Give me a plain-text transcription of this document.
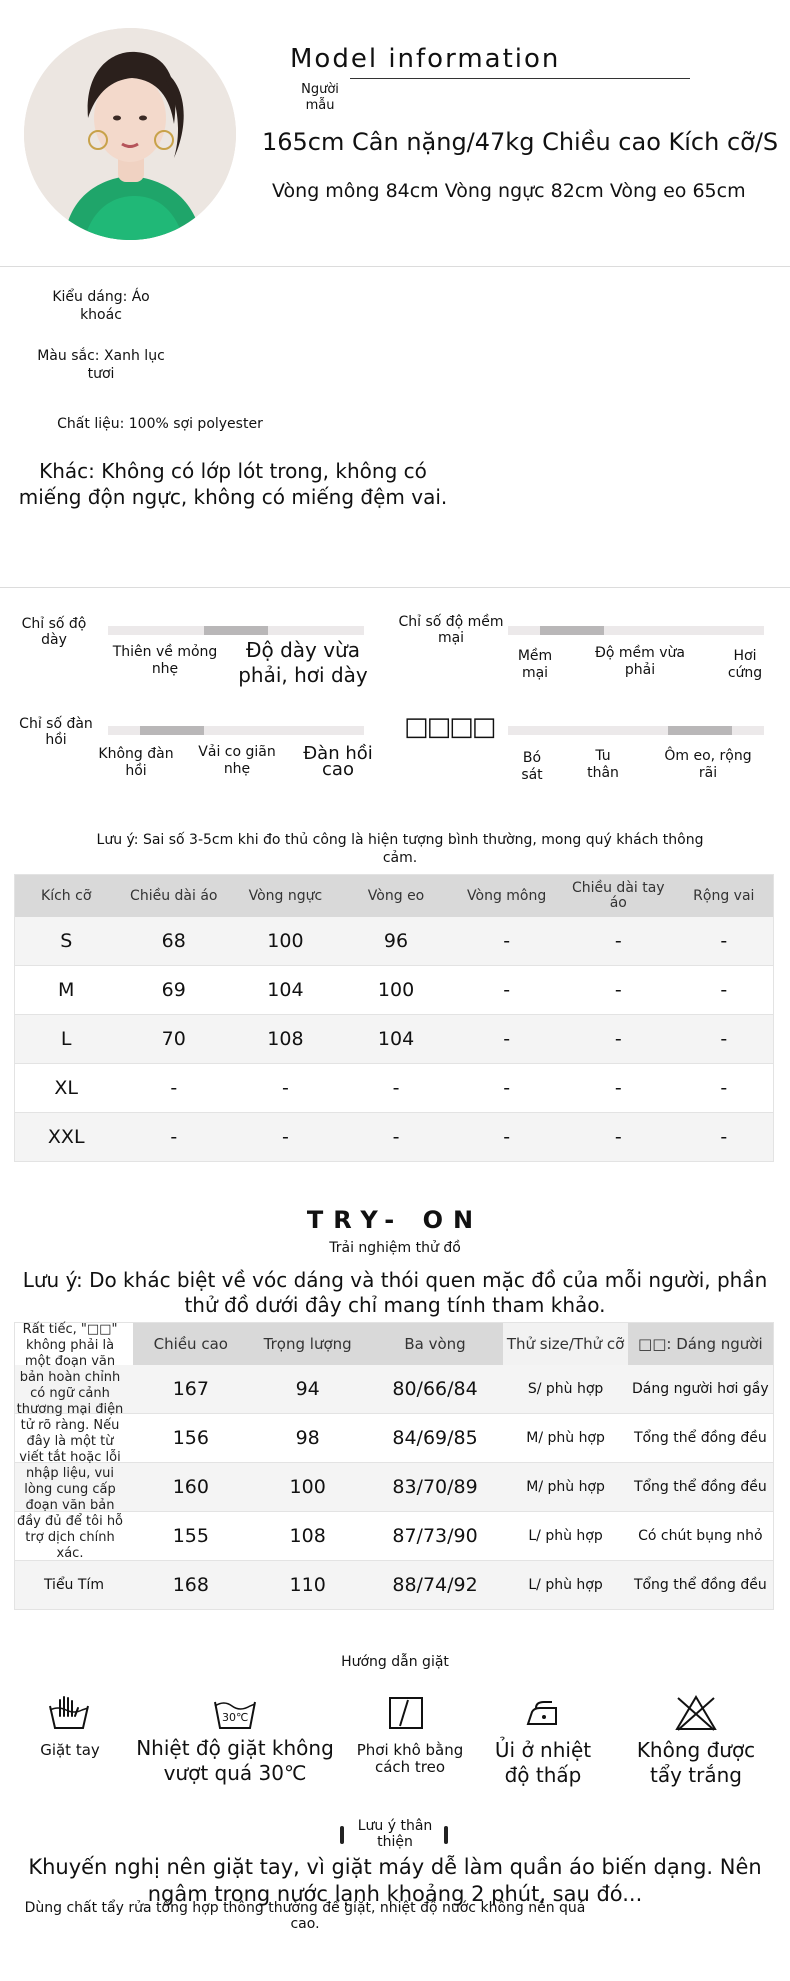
Model information
Người mẫu
165cm Cân nặng/47kg Chiều cao Kích cỡ/S
Vòng mông 84cm Vòng ngực 82cm Vòng eo 65cm
Kiểu dáng: Áo khoác
Màu sắc: Xanh lục tươi
Chất liệu: 100% sợi polyester
Khác: Không có lớp lót trong, không có miếng độn ngực, không có miếng đệm vai.
Chỉ số độ dày
Thiên về mỏng nhẹ
Độ dày vừa phải, hơi dày
Chỉ số độ mềm mại
Mềm mại
Độ mềm vừa phải
Hơi cứng
Chỉ số đàn hồi
Không đàn hồi
Vải co giãn nhẹ
Đàn hồi cao
□□□□
Bó sát
Tu thân
Ôm eo, rộng rãi
Lưu ý: Sai số 3-5cm khi đo thủ công là hiện tượng bình thường, mong quý khách thông cảm.
Kích cỡ	Chiều dài áo	Vòng ngực	Vòng eo	Vòng mông	Chiều dài tay áo	Rộng vai
S	68	100	96	-	-	-
M	69	104	100	-	-	-
L	70	108	104	-	-	-
XL	-	-	-	-	-	-
XXL	-	-	-	-	-	-
TRY- ON
Trải nghiệm thử đồ
Lưu ý: Do khác biệt về vóc dáng và thói quen mặc đồ của mỗi người, phần thử đồ dưới đây chỉ mang tính tham khảo.
	Chiều cao	Trọng lượng	Ba vòng	Thử size/Thử cỡ	□□: Dáng người
	167	94	80/66/84	S/ phù hợp	Dáng người hơi gầy
	156	98	84/69/85	M/ phù hợp	Tổng thể đồng đều
	160	100	83/70/89	M/ phù hợp	Tổng thể đồng đều
	155	108	87/73/90	L/ phù hợp	Có chút bụng nhỏ
Tiểu Tím	168	110	88/74/92	L/ phù hợp	Tổng thể đồng đều
Rất tiếc, "□□" không phải là một đoạn văn bản hoàn chỉnh có ngữ cảnh thương mại điện tử rõ ràng. Nếu đây là một từ viết tắt hoặc lỗi nhập liệu, vui lòng cung cấp đoạn văn bản đầy đủ để tôi hỗ trợ dịch chính xác.
Hướng dẫn giặt
Giặt tay
30℃
Nhiệt độ giặt không vượt quá 30℃
Phơi khô bằng cách treo
Ủi ở nhiệt độ thấp
Không được tẩy trắng
Lưu ý thân thiện
Khuyến nghị nên giặt tay, vì giặt máy dễ làm quần áo biến dạng. Nên ngâm trong nước lạnh khoảng 2 phút, sau đó...
Dùng chất tẩy rửa tổng hợp thông thường để giặt, nhiệt độ nước không nên quá cao.
